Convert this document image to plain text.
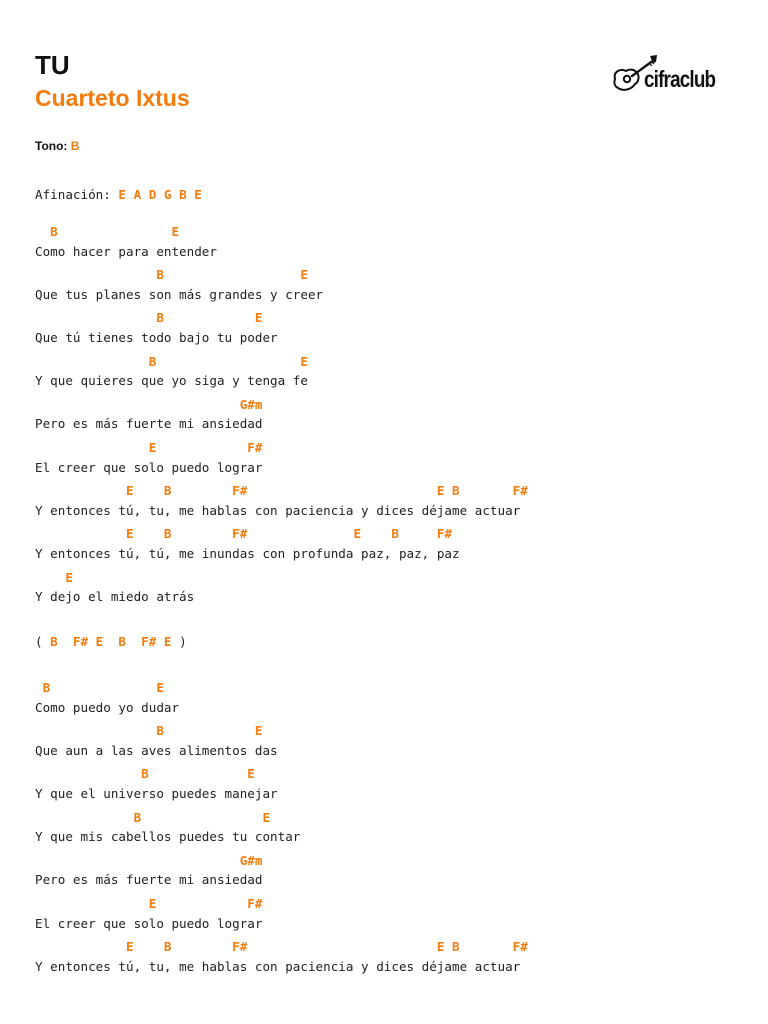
TU
Cuarteto Ixtus
cifraclub
Tono: B
Afinación: E A D G B E
B               E
Como hacer para entender
B                  E
Que tus planes son más grandes y creer
B            E
Que tú tienes todo bajo tu poder
B                   E
Y que quieres que yo siga y tenga fe
G#m
Pero es más fuerte mi ansiedad
E            F#
El creer que solo puedo lograr
E    B        F#                         E B       F#
Y entonces tú, tu, me hablas con paciencia y dices déjame actuar
E    B        F#              E    B     F#
Y entonces tú, tú, me inundas con profunda paz, paz, paz
E
Y dejo el miedo atrás
( B  F# E  B  F# E )
B              E
Como puedo yo dudar
B            E
Que aun a las aves alimentos das
B             E
Y que el universo puedes manejar
B                E
Y que mis cabellos puedes tu contar
G#m
Pero es más fuerte mi ansiedad
E            F#
El creer que solo puedo lograr
E    B        F#                         E B       F#
Y entonces tú, tu, me hablas con paciencia y dices déjame actuar
